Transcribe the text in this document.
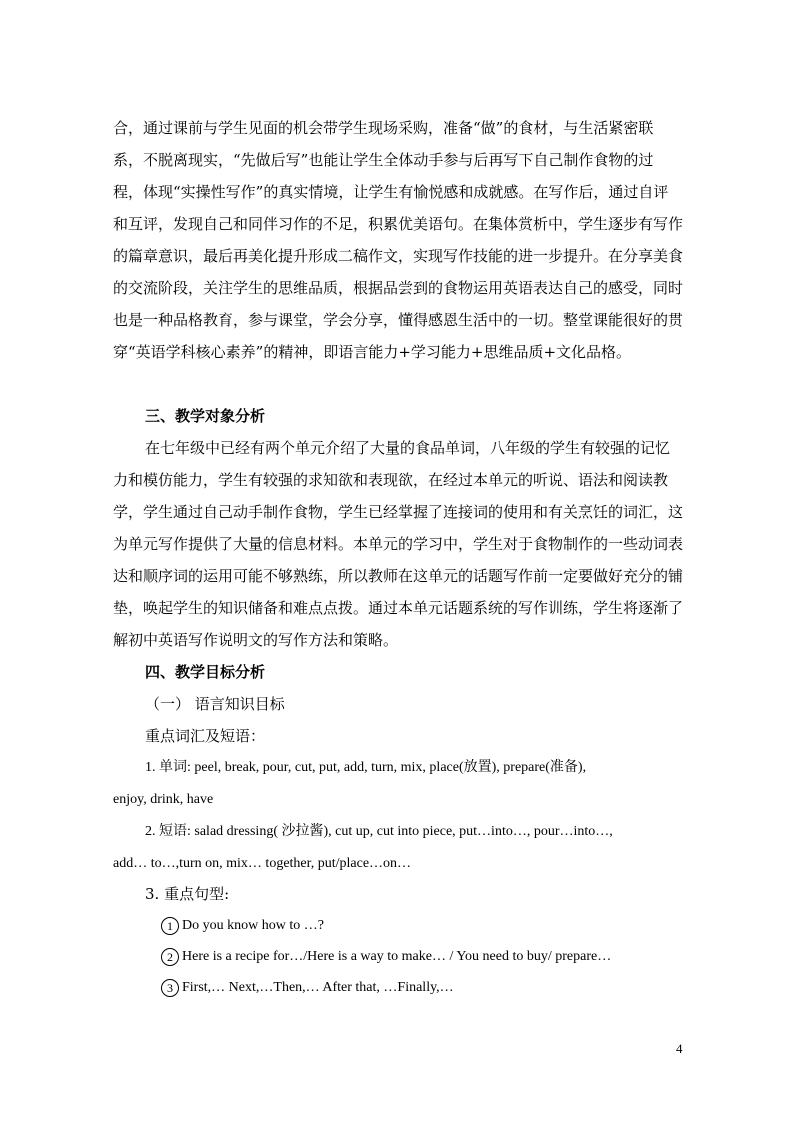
合，通过课前与学生见面的机会带学生现场采购，准备“做”的食材，与生活紧密联系，不脱离现实，“先做后写”也能让学生全体动手参与后再写下自己制作食物的过程，体现“实操性写作”的真实情境，让学生有愉悦感和成就感。在写作后，通过自评和互评，发现自己和同伴习作的不足，积累优美语句。在集体赏析中，学生逐步有写作的篇章意识，最后再美化提升形成二稿作文，实现写作技能的进一步提升。在分享美食的交流阶段，关注学生的思维品质，根据品尝到的食物运用英语表达自己的感受，同时也是一种品格教育，参与课堂，学会分享，懂得感恩生活中的一切。整堂课能很好的贯穿“英语学科核心素养”的精神，即语言能力+学习能力+思维品质+文化品格。

三、教学对象分析

在七年级中已经有两个单元介绍了大量的食品单词，八年级的学生有较强的记忆力和模仿能力，学生有较强的求知欲和表现欲，在经过本单元的听说、语法和阅读教学，学生通过自己动手制作食物，学生已经掌握了连接词的使用和有关烹饪的词汇，这为单元写作提供了大量的信息材料。本单元的学习中，学生对于食物制作的一些动词表达和顺序词的运用可能不够熟练，所以教师在这单元的话题写作前一定要做好充分的铺垫，唤起学生的知识储备和难点点拨。通过本单元话题系统的写作训练，学生将逐渐了解初中英语写作说明文的写作方法和策略。

四、教学目标分析

（一） 语言知识目标

重点词汇及短语：

1. 单词: peel, break, pour, cut, put, add, turn, mix, place(放置), prepare(准备),

enjoy, drink, have

2. 短语: salad dressing( 沙拉酱), cut up, cut into piece, put…into…, pour…into…,

add… to…,turn on, mix… together, put/place…on…

3. 重点句型:

1 Do you know how to …?

2 Here is a recipe for…/Here is a way to make… / You need to buy/ prepare…

3 First,… Next,…Then,… After that, …Finally,…

4
